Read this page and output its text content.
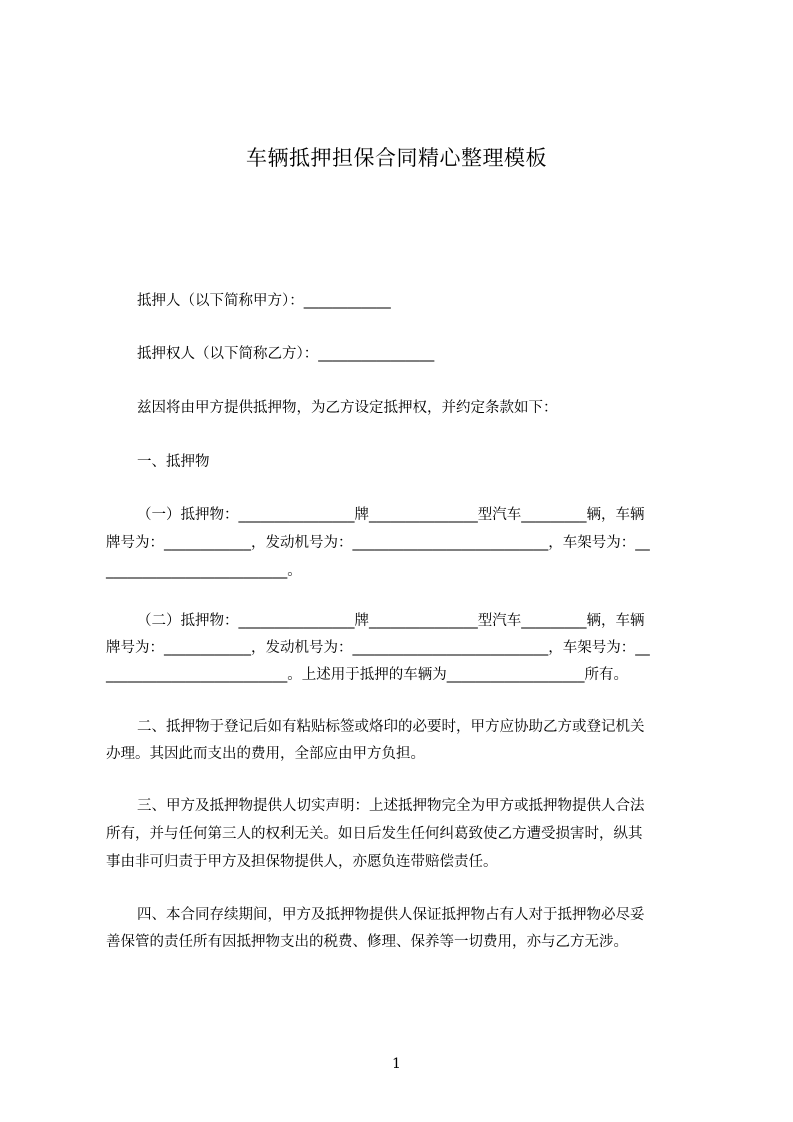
车辆抵押担保合同精心整理模板
抵押人（以下简称甲方）：____________
抵押权人（以下简称乙方）：________________
兹因将由甲方提供抵押物，为乙方设定抵押权，并约定条款如下：
一、抵押物
（一）抵押物：________________牌_______________型汽车_________辆，车辆
牌号为：____________，发动机号为：___________________________，车架号为：__
_________________________。
（二）抵押物：________________牌_______________型汽车_________辆，车辆
牌号为：____________，发动机号为：___________________________，车架号为：__
_________________________。上述用于抵押的车辆为___________________所有。
二、抵押物于登记后如有粘贴标签或烙印的必要时，甲方应协助乙方或登记机关
办理。其因此而支出的费用，全部应由甲方负担。
三、甲方及抵押物提供人切实声明：上述抵押物完全为甲方或抵押物提供人合法
所有，并与任何第三人的权利无关。如日后发生任何纠葛致使乙方遭受损害时，纵其
事由非可归责于甲方及担保物提供人，亦愿负连带赔偿责任。
四、本合同存续期间，甲方及抵押物提供人保证抵押物占有人对于抵押物必尽妥
善保管的责任所有因抵押物支出的税费、修理、保养等一切费用，亦与乙方无涉。
1
